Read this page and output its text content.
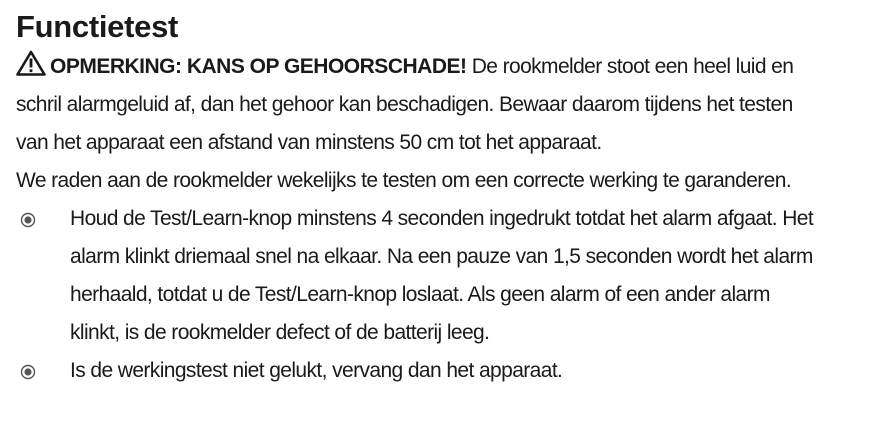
Functietest

OPMERKING: KANS OP GEHOORSCHADE! De rookmelder stoot een heel luid en schril alarmgeluid af, dan het gehoor kan beschadigen. Bewaar daarom tijdens het testen van het apparaat een afstand van minstens 50 cm tot het apparaat.

We raden aan de rookmelder wekelijks te testen om een correcte werking te garanderen.

Houd de Test/Learn-knop minstens 4 seconden ingedrukt totdat het alarm afgaat. Het alarm klinkt driemaal snel na elkaar. Na een pauze van 1,5 seconden wordt het alarm herhaald, totdat u de Test/Learn-knop loslaat. Als geen alarm of een ander alarm klinkt, is de rookmelder defect of de batterij leeg.
Is de werkingstest niet gelukt, vervang dan het apparaat.
